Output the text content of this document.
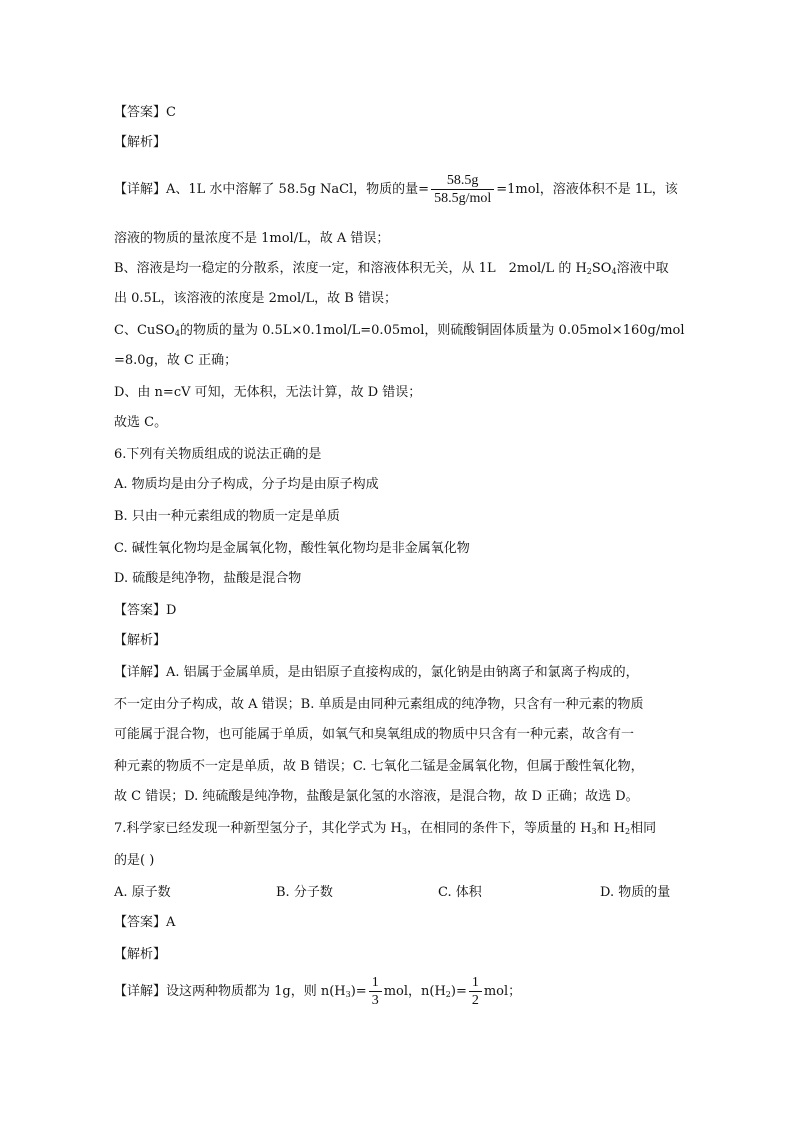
【答案】C
【解析】
【详解】A、1L 水中溶解了 58.5g NaCl，物质的量= $\frac{58.5g}{\text{58.5g/mol}} =1mol$，溶液体积不是 1L，该
溶液的物质的量浓度不是 1mol/L，故 A 错误；
B、溶液是均一稳定的分散系，浓度一定，和溶液体积无关，从 1L　2mol/L 的 $H_2SO_4$溶液中取
出 0.5L，该溶液的浓度是 2mol/L，故 B 错误；
C、CuSO$_4$的物质的量为 0.5L×0.1mol/L=0.05mol，则硫酸铜固体质量为 0.05mol×160g/mol
=8.0g，故 C 正确；
D、由 n=cV 可知，无体积，无法计算，故 D 错误；
故选 C。
6.下列有关物质组成的说法正确的是
A. 物质均是由分子构成，分子均是由原子构成
B. 只由一种元素组成的物质一定是单质
C. 碱性氧化物均是金属氧化物，酸性氧化物均是非金属氧化物
D. 硫酸是纯净物，盐酸是混合物
【答案】D
【解析】
【详解】A. 铝属于金属单质，是由铝原子直接构成的，氯化钠是由钠离子和氯离子构成的，
不一定由分子构成，故 A 错误；B. 单质是由同种元素组成的纯净物，只含有一种元素的物质
可能属于混合物，也可能属于单质，如氧气和臭氧组成的物质中只含有一种元素，故含有一
种元素的物质不一定是单质，故 B 错误；C. 七氧化二锰是金属氧化物，但属于酸性氧化物，
故 C 错误；D. 纯硫酸是纯净物，盐酸是氯化氢的水溶液，是混合物，故 D 正确；故选 D。
7.科学家已经发现一种新型氢分子，其化学式为 $H_3$，在相同的条件下，等质量的 $H_3$和 $H_2$相同
的是( )
A. 原子数	B. 分子数	C. 体积	D. 物质的量
【答案】A
【解析】
【详解】设这两种物质都为 1g，则 $n(H_3)= \frac{1}{3}$ mol，$n(H_2)= \frac{1}{2}$ mol；
